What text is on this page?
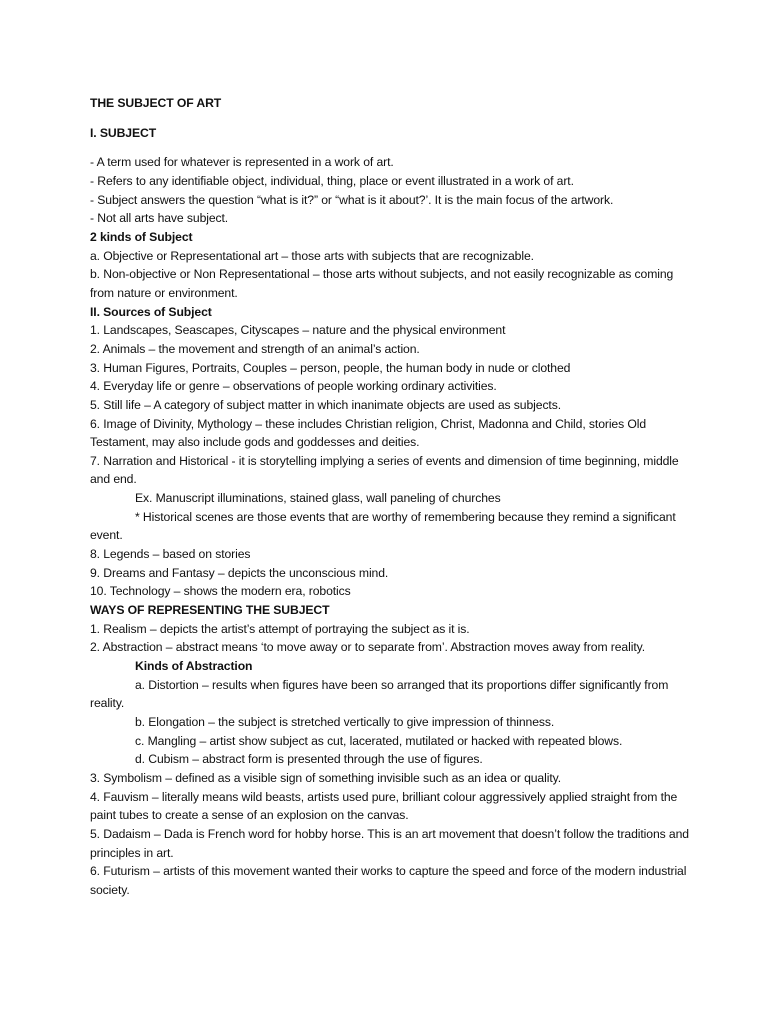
THE SUBJECT OF ART
I. SUBJECT
- A term used for whatever is represented in a work of art.
- Refers to any identifiable object, individual, thing, place or event illustrated in a work of art.
- Subject answers the question “what is it?” or “what is it about?’. It is the main focus of the artwork.
- Not all arts have subject.
2 kinds of Subject
a. Objective or Representational art – those arts with subjects that are recognizable.
b. Non-objective or Non Representational – those arts without subjects, and not easily recognizable as coming from nature or environment.
II. Sources of Subject
1. Landscapes, Seascapes, Cityscapes – nature and the physical environment
2. Animals – the movement and strength of an animal’s action.
3. Human Figures, Portraits, Couples – person, people, the human body in nude or clothed
4. Everyday life or genre – observations of people working ordinary activities.
5. Still life – A category of subject matter in which inanimate objects are used as subjects.
6. Image of Divinity, Mythology – these includes Christian religion, Christ, Madonna and Child, stories Old Testament, may also include gods and goddesses and deities.
7. Narration and Historical - it is storytelling implying a series of events and dimension of time beginning, middle and end.
Ex. Manuscript illuminations, stained glass, wall paneling of churches
* Historical scenes are those events that are worthy of remembering because they remind a significant event.
8. Legends – based on stories
9. Dreams and Fantasy – depicts the unconscious mind.
10. Technology – shows the modern era, robotics
WAYS OF REPRESENTING THE SUBJECT
1. Realism – depicts the artist’s attempt of portraying the subject as it is.
2. Abstraction – abstract means ‘to move away or to separate from’. Abstraction moves away from reality.
Kinds of Abstraction
a. Distortion – results when figures have been so arranged that its proportions differ significantly from reality.
b. Elongation – the subject is stretched vertically to give impression of thinness.
c. Mangling – artist show subject as cut, lacerated, mutilated or hacked with repeated blows.
d. Cubism – abstract form is presented through the use of figures.
3. Symbolism – defined as a visible sign of something invisible such as an idea or quality.
4. Fauvism – literally means wild beasts, artists used pure, brilliant colour aggressively applied straight from the paint tubes to create a sense of an explosion on the canvas.
5. Dadaism – Dada is French word for hobby horse. This is an art movement that doesn’t follow the traditions and principles in art.
6. Futurism – artists of this movement wanted their works to capture the speed and force of the modern industrial society.
